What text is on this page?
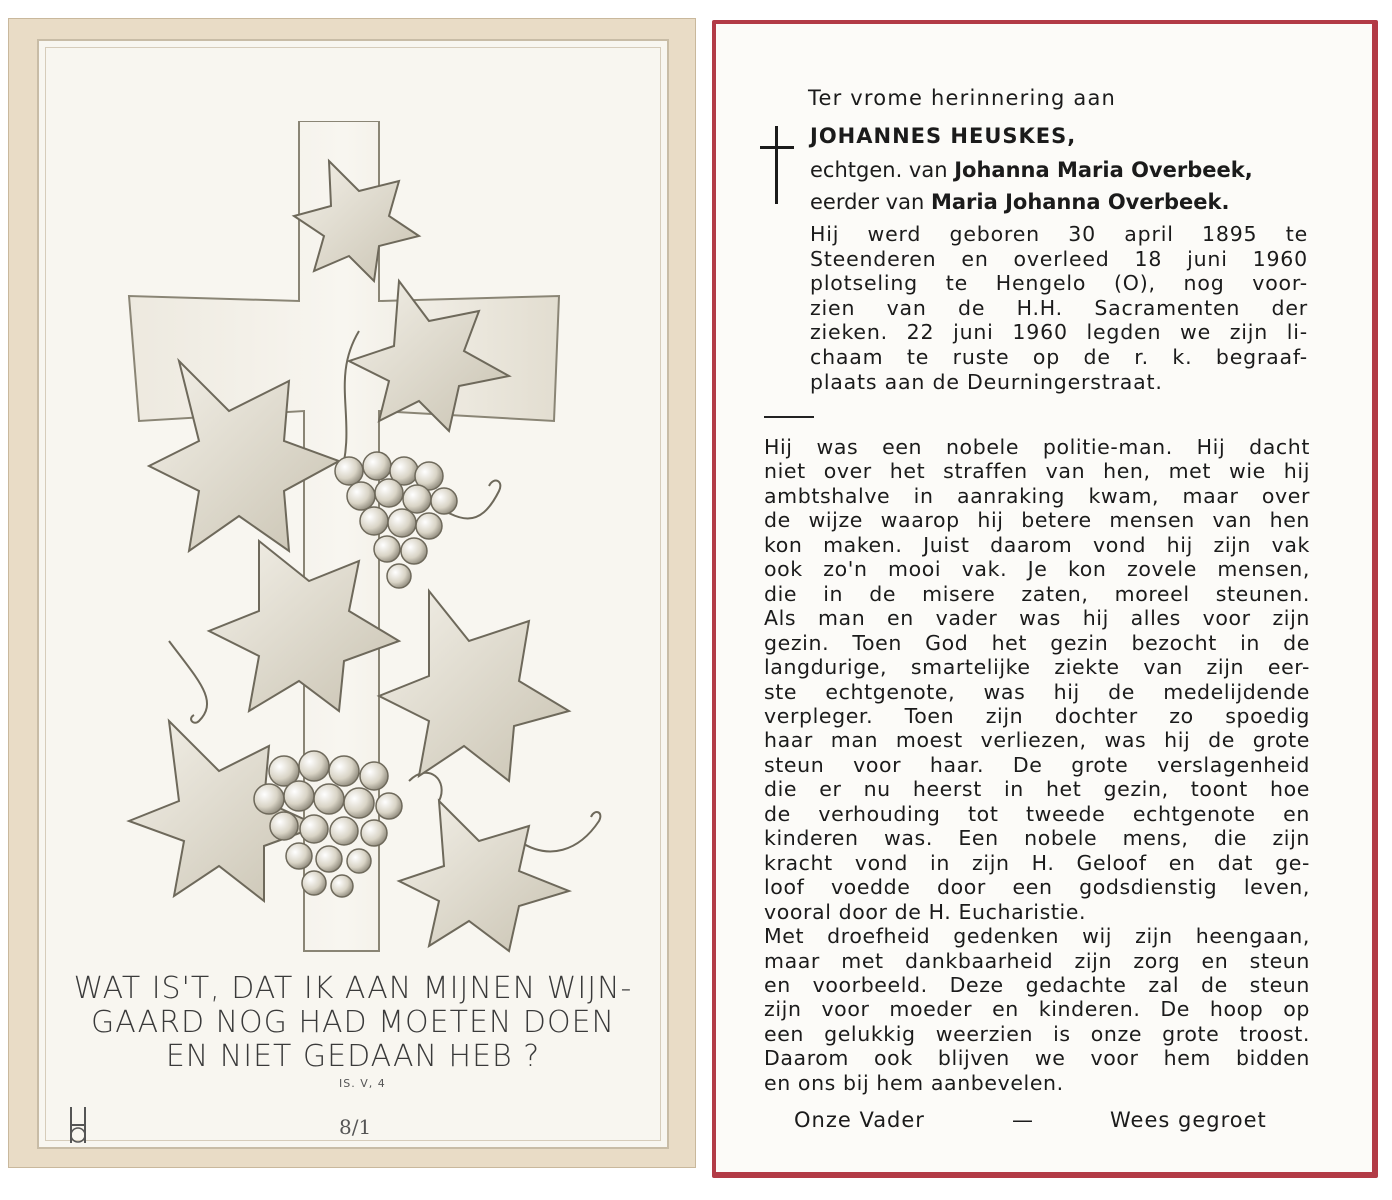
WAT IS'T, DAT IK AAN MIJNEN WIJN-
GAARD NOG HAD MOETEN DOEN
EN NIET GEDAAN HEB ?
IS. V, 4
8/1
Ter vrome herinnering aan
JOHANNES HEUSKES,
echtgen. van Johanna Maria Overbeek,
eerder van Maria Johanna Overbeek.
Hij werd geboren 30 april 1895 te
Steenderen en overleed 18 juni 1960
plotseling te Hengelo (O), nog voor-
zien van de H.H. Sacramenten der
zieken. 22 juni 1960 legden we zijn li-
chaam te ruste op de r. k. begraaf-
plaats aan de Deurningerstraat.
Hij was een nobele politie-man. Hij dacht
niet over het straffen van hen, met wie hij
ambtshalve in aanraking kwam, maar over
de wijze waarop hij betere mensen van hen
kon maken. Juist daarom vond hij zijn vak
ook zo'n mooi vak. Je kon zovele mensen,
die in de misere zaten, moreel steunen.
Als man en vader was hij alles voor zijn
gezin. Toen God het gezin bezocht in de
langdurige, smartelijke ziekte van zijn eer-
ste echtgenote, was hij de medelijdende
verpleger. Toen zijn dochter zo spoedig
haar man moest verliezen, was hij de grote
steun voor haar. De grote verslagenheid
die er nu heerst in het gezin, toont hoe
de verhouding tot tweede echtgenote en
kinderen was. Een nobele mens, die zijn
kracht vond in zijn H. Geloof en dat ge-
loof voedde door een godsdienstig leven,
vooral door de H. Eucharistie.
Met droefheid gedenken wij zijn heengaan,
maar met dankbaarheid zijn zorg en steun
en voorbeeld. Deze gedachte zal de steun
zijn voor moeder en kinderen. De hoop op
een gelukkig weerzien is onze grote troost.
Daarom ook blijven we voor hem bidden
en ons bij hem aanbevelen.
Onze Vader	—	Wees gegroet
